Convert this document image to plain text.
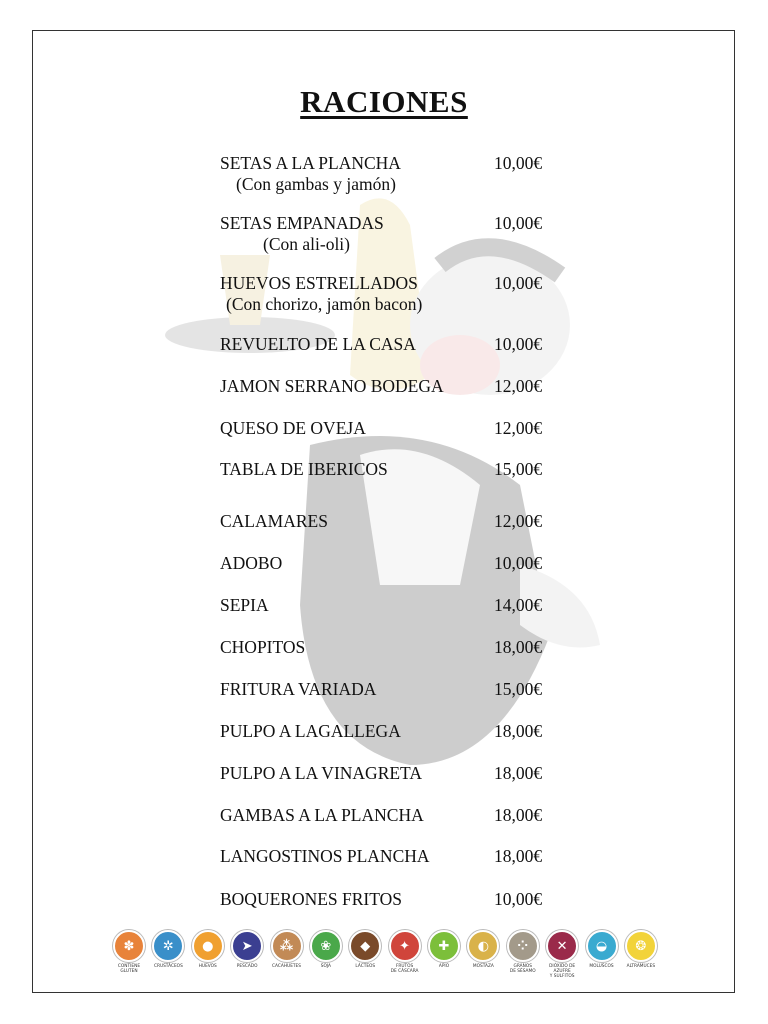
RACIONES
SETAS A LA PLANCHA	10,00€
(Con gambas y jamón)
SETAS EMPANADAS	10,00€
(Con ali-oli)
HUEVOS ESTRELLADOS	10,00€
(Con chorizo, jamón bacon)
REVUELTO DE LA CASA	10,00€
JAMON SERRANO BODEGA	12,00€
QUESO DE OVEJA	12,00€
TABLA DE IBERICOS	15,00€
CALAMARES	12,00€
ADOBO	10,00€
SEPIA	14,00€
CHOPITOS	18,00€
FRITURA VARIADA	15,00€
PULPO A LAGALLEGA	18,00€
PULPO A LA VINAGRETA	18,00€
GAMBAS A LA PLANCHA	18,00€
LANGOSTINOS PLANCHA	18,00€
BOQUERONES FRITOS	10,00€
✽
CONTIENE
GLUTEN
✲
CRUSTÁCEOS
●
HUEVOS
➤
PESCADO
⁂
CACAHUETES
❀
SOJA
◆
LÁCTEOS
✦
FRUTOS
DE CÁSCARA
✚
APIO
◐
MOSTAZA
⁘
GRANOS
DE SÉSAMO
✕
DIÓXIDO DE AZUFRE
Y SULFITOS
◒
MOLUSCOS
❂
ALTRAMUCES
